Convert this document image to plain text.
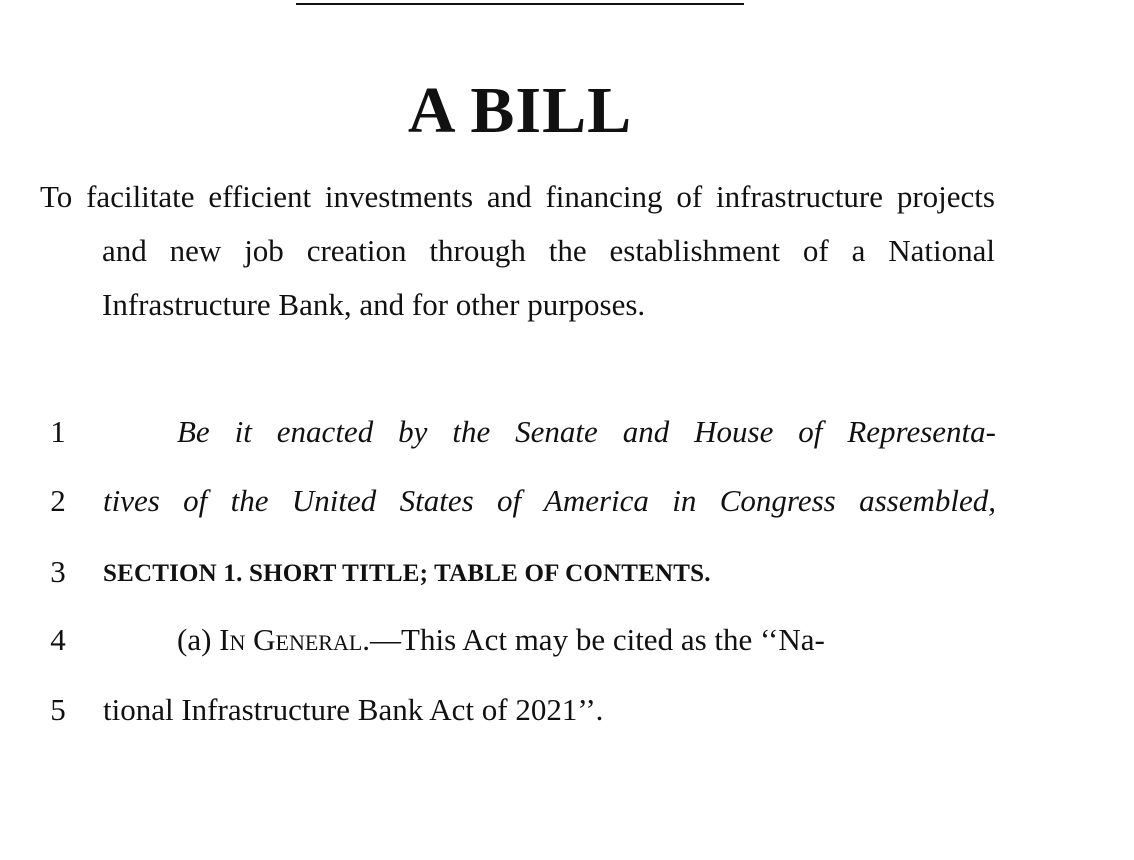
A BILL
To facilitate efficient investments and financing of infrastructure projects and new job creation through the establishment of a National Infrastructure Bank, and for other purposes.
1	Be it enacted by the Senate and House of Representa-
2	tives of the United States of America in Congress assembled,
3	SECTION 1. SHORT TITLE; TABLE OF CONTENTS.
4	(a) In General.—This Act may be cited as the ‘‘Na-
5	tional Infrastructure Bank Act of 2021’’.
